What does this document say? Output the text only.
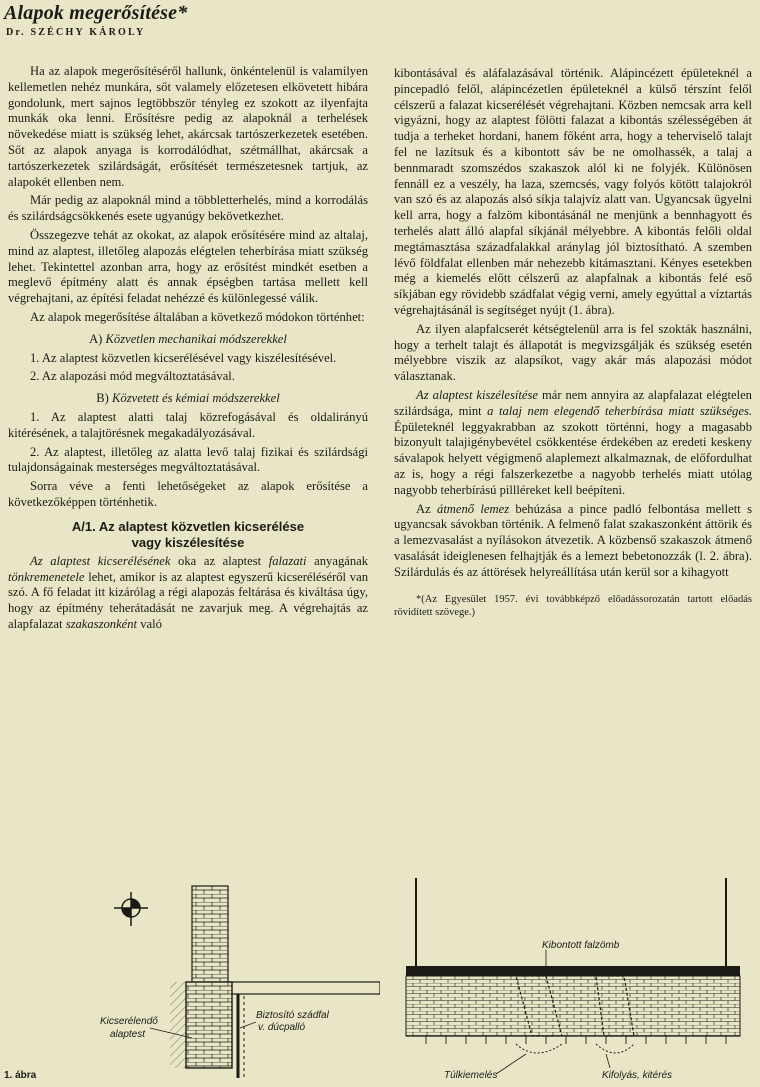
Alapok megerősítése*
Dr. SZÉCHY KÁROLY

Ha az alapok megerősítéséről hallunk, önkéntelenül is valamilyen kellemetlen nehéz munkára, sőt valamely előzetesen elkövetett hibára gondolunk, mert sajnos legtöbbször tényleg ez szokott az ilyenfajta munkák oka lenni. Erősítésre pedig az alapoknál a terhelések növekedése miatt is szükség lehet, akárcsak tartószerkezetek esetében. Sőt az alapok anyaga is korrodálódhat, szétmállhat, akárcsak a tartószerkezetek szilárdságát, erősítését természetesnek tartjuk, az alapokét ellenben nem.

Már pedig az alapoknál mind a többletterhelés, mind a korrodálás és szilárdságcsökkenés esete ugyanúgy bekövetkezhet.

Összegezve tehát az okokat, az alapok erősítésére mind az altalaj, mind az alaptest, illetőleg alapozás elégtelen teherbírása miatt szükség lehet. Tekintettel azonban arra, hogy az erősítést mindkét esetben a meglevő építmény alatt és annak épségben tartása mellett kell végrehajtani, az építési feladat nehézzé és különlegessé válik.

Az alapok megerősítése általában a következő módokon történhet:

A) Közvetlen mechanikai módszerekkel

1. Az alaptest közvetlen kicserélésével vagy kiszélesítésével.

2. Az alapozási mód megváltoztatásával.

B) Közvetett és kémiai módszerekkel

1. Az alaptest alatti talaj közrefogásával és oldalirányú kitérésének, a talajtörésnek megakadályozásával.

2. Az alaptest, illetőleg az alatta levő talaj fizikai és szilárdsági tulajdonságainak mesterséges megváltoztatásával.

Sorra véve a fenti lehetőségeket az alapok erősítése a következőképpen történhetik.

A/1. Az alaptest közvetlen kicserélése
vagy kiszélesítése

Az alaptest kicserélésének oka az alaptest falazati anyagának tönkremenetele lehet, amikor is az alaptest egyszerű kicseréléséről van szó. A fő feladat itt kizárólag a régi alapozás feltárása és kiváltása úgy, hogy az építmény teherátadását ne zavarjuk meg. A végrehajtás az alapfalazat szakaszonként való

kibontásával és aláfalazásával történik. Alápincézett épületeknél a pincepadló felől, alápincézetlen épületeknél a külső térszínt felől célszerű a falazat kicserélését végrehajtani. Közben nemcsak arra kell vigyázni, hogy az alaptest fölötti falazat a kibontás szélességében át tudja a terheket hordani, hanem főként arra, hogy a teherviselő talajt fel ne lazítsuk és a kibontott sáv be ne omolhassék, a talaj a bennmaradt szomszédos szakaszok alól ki ne folyjék. Különösen fennáll ez a veszély, ha laza, szemcsés, vagy folyós kötött talajokról van szó és az alapozás alsó síkja talajvíz alatt van. Ugyancsak ügyelni kell arra, hogy a falzöm kibontásánál ne menjünk a bennhagyott és terhelés alatt álló alapfal síkjánál mélyebbre. A kibontás felőli oldal megtámasztása századfalakkal aránylag jól biztosítható. A szemben lévő földfalat ellenben már nehezebb kitámasztani. Kényes esetekben még a kiemelés előtt célszerű az alapfalnak a kibontás felé eső síkjában egy rövidebb szádfalat végig verni, amely egyúttal a víztartás végrehajtásánál is segítséget nyújt (1. ábra).

Az ilyen alapfalcserét kétségtelenül arra is fel szokták használni, hogy a terhelt talajt és állapotát is megvizsgálják és szükség esetén mélyebbre viszik az alapsíkot, vagy akár más alapozási módot választanak.

Az alaptest kiszélesítése már nem annyira az alapfalazat elégtelen szilárdsága, mint a talaj nem elegendő teherbírása miatt szükséges. Épületeknél leggyakrabban az szokott történni, hogy a magasabb bizonyult talajigénybevétel csökkentése érdekében az eredeti keskeny sávalapok helyett végigmenő alaplemezt alkalmaznak, de előfordulhat az is, hogy a régi falszerkezetbe a nagyobb terhelés miatt utólag nagyobb teherbírású pillléreket kell beépíteni.

Az átmenő lemez behúzása a pince padló felbontása mellett s ugyancsak sávokban történik. A felmenő falat szakaszonként áttörik és a lemezvasalást a nyílásokon átvezetik. A közbenső szakaszok átmenő vasalását ideiglenesen felhajtják és a lemezt bebetonozzák (l. 2. ábra). Szilárdulás és az áttörések helyreállítása után kerül sor a kihagyott

*(Az Egyesület 1957. évi továbbképző előadássorozatán tartott előadás rövidített szövege.)
Kicserélendő
alaptest
Biztosító szádfal
v. dúcpalló
Kibontott falzömb
Túlkiemelés	Kifolyás, kitérés
1. ábra
